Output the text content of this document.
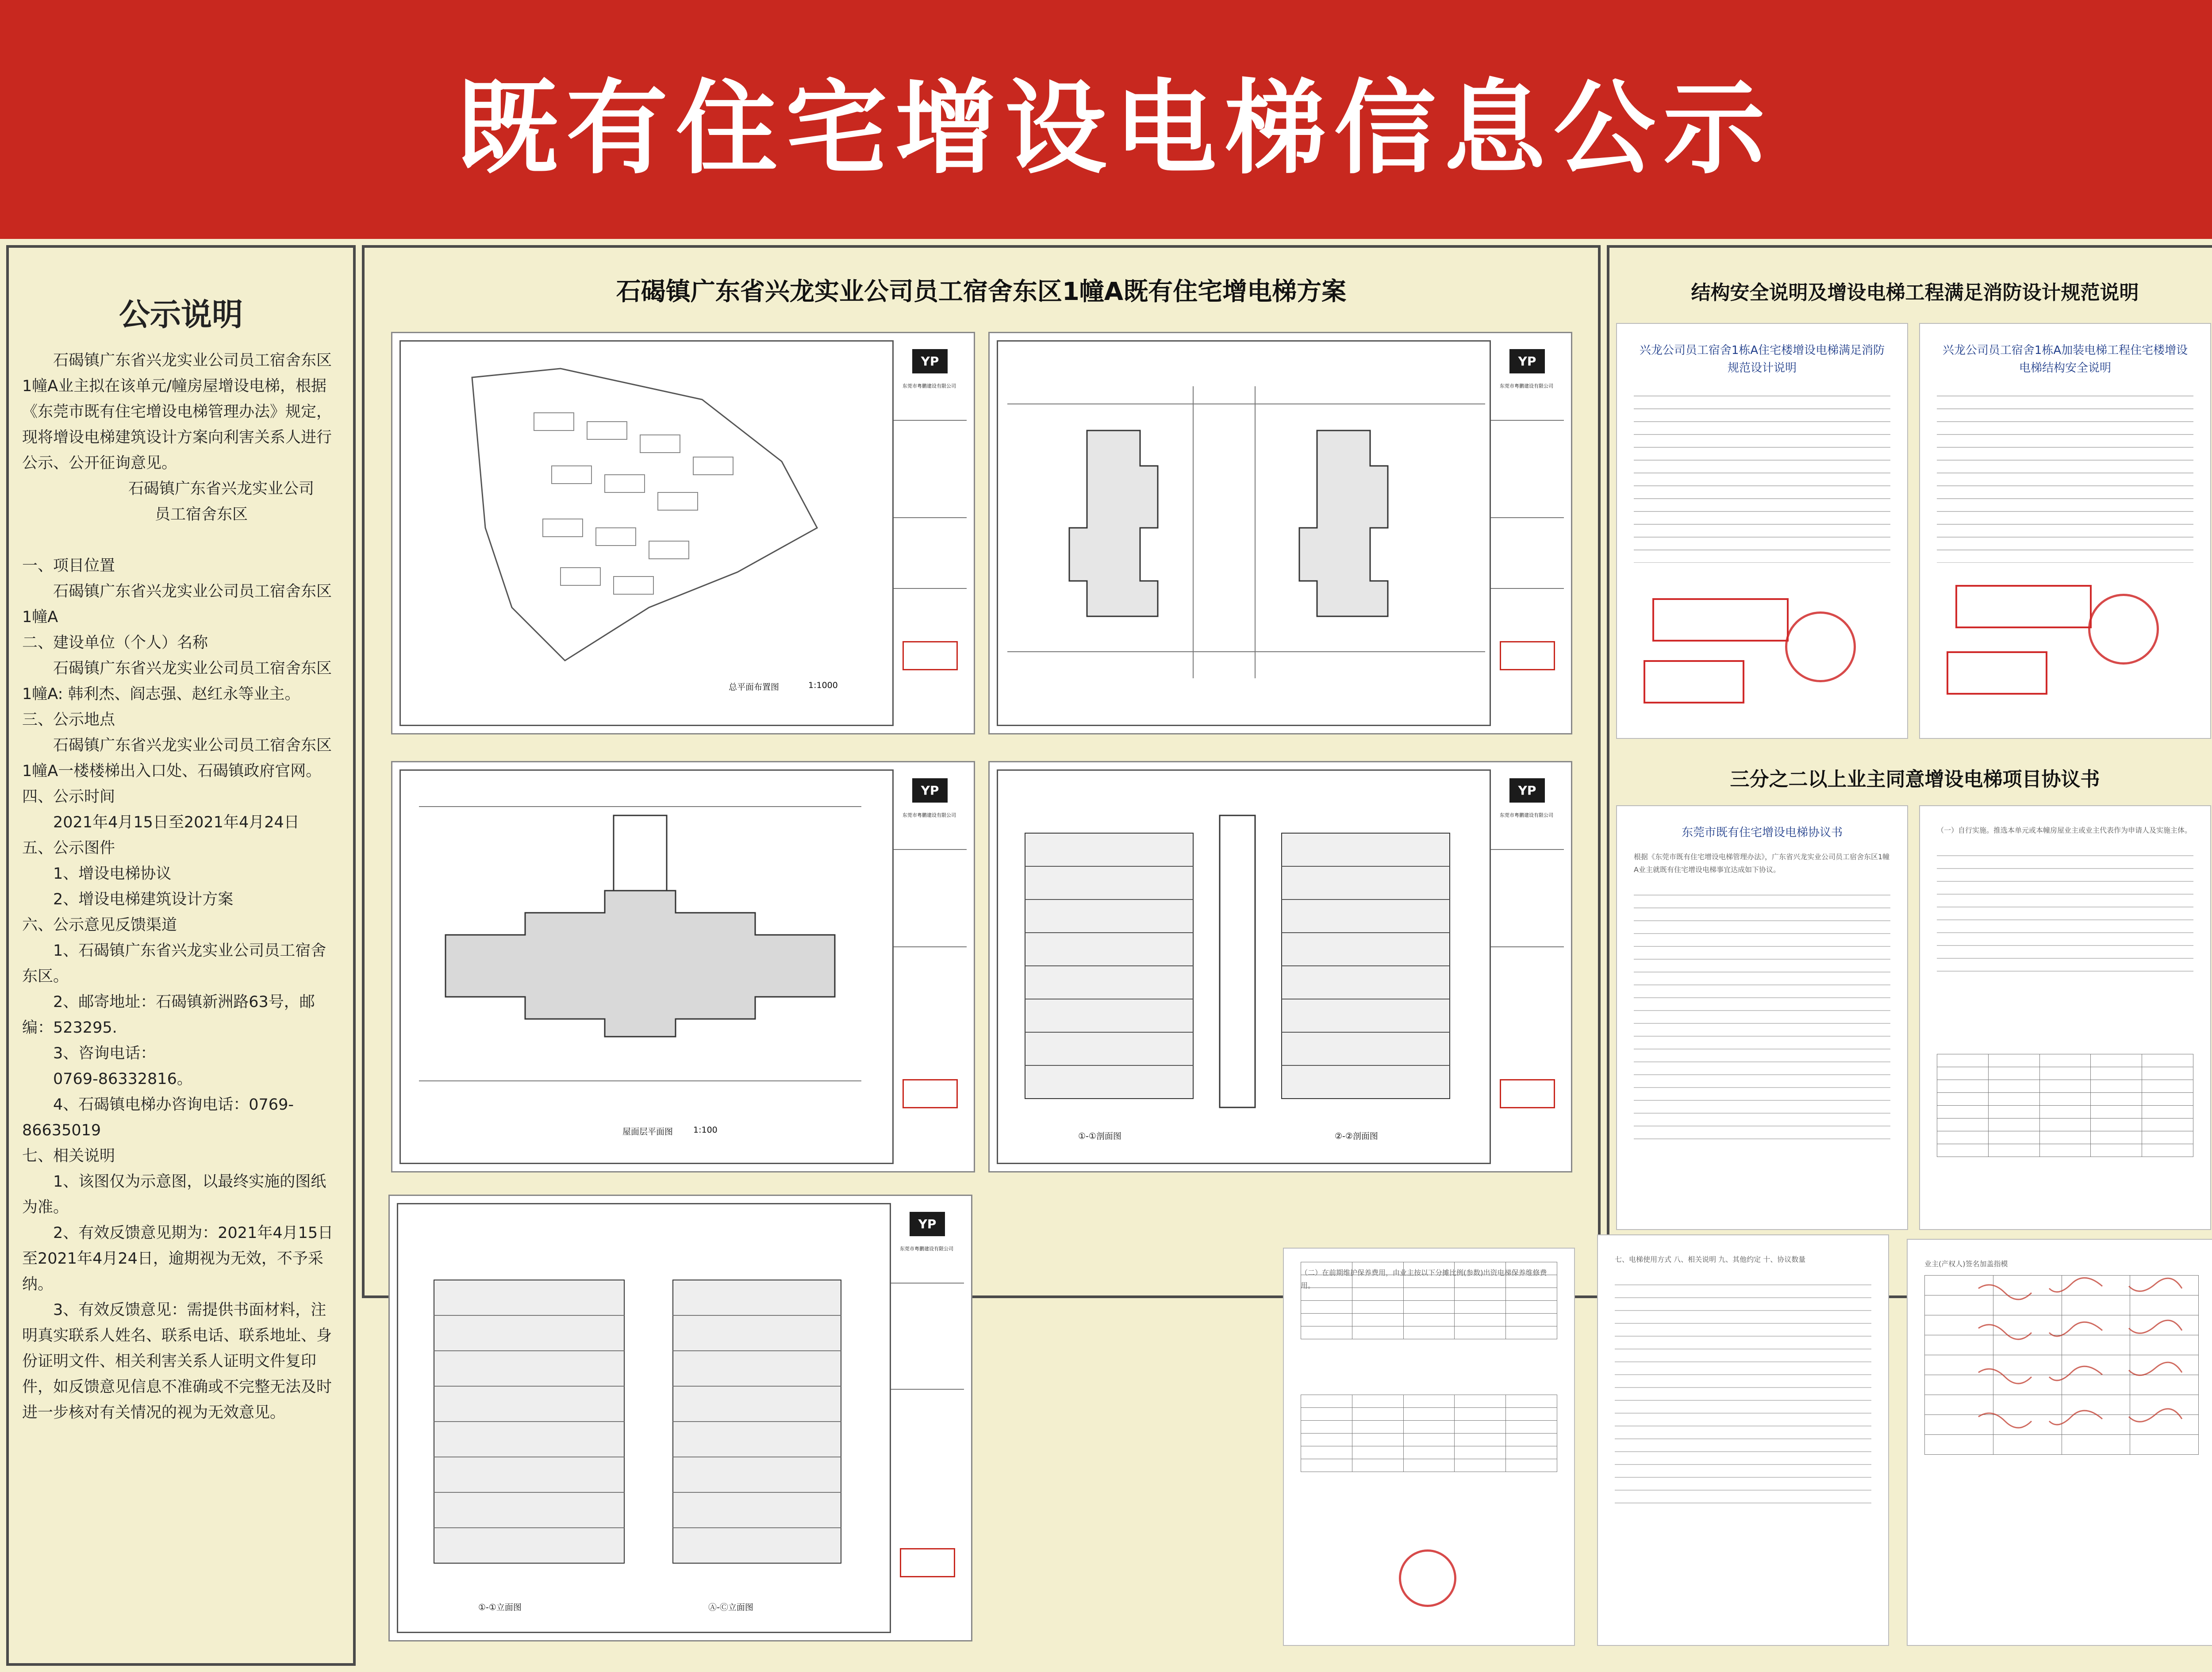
既有住宅增设电梯信息公示
公示说明

石碣镇广东省兴龙实业公司员工宿舍东区1幢A业主拟在该单元/幢房屋增设电梯，根据《东莞市既有住宅增设电梯管理办法》规定，现将增设电梯建筑设计方案向利害关系人进行公示、公开征询意见。

石碣镇广东省兴龙实业公司

员工宿舍东区

一、项目位置

石碣镇广东省兴龙实业公司员工宿舍东区1幢A

二、建设单位（个人）名称

石碣镇广东省兴龙实业公司员工宿舍东区1幢A: 韩利杰、阎志强、赵红永等业主。

三、公示地点

石碣镇广东省兴龙实业公司员工宿舍东区1幢A一楼楼梯出入口处、石碣镇政府官网。

四、公示时间

2021年4月15日至2021年4月24日

五、公示图件

1、增设电梯协议

2、增设电梯建筑设计方案

六、公示意见反馈渠道

1、石碣镇广东省兴龙实业公司员工宿舍东区。

2、邮寄地址：石碣镇新洲路63号，邮编：523295.

3、咨询电话：

0769-86332816。

4、石碣镇电梯办咨询电话：0769-86635019

七、相关说明

1、该图仅为示意图，以最终实施的图纸为准。

2、有效反馈意见期为：2021年4月15日至2021年4月24日，逾期视为无效，不予采纳。

3、有效反馈意见：需提供书面材料，注明真实联系人姓名、联系电话、联系地址、身份证明文件、相关利害关系人证明文件复印件，如反馈意见信息不准确或不完整无法及时进一步核对有关情况的视为无效意见。

石碣镇广东省兴龙实业公司员工宿舍东区1幢A既有住宅增电梯方案
总平面布置图	1:1000
YP
东莞市粤鹏建设有限公司
YP
东莞市粤鹏建设有限公司
屋面层平面图 1:100
YP
东莞市粤鹏建设有限公司
①-①剖面图	②-②剖面图
YP
东莞市粤鹏建设有限公司
①-①立面图	Ⓐ-Ⓒ立面图
YP
东莞市粤鹏建设有限公司
结构安全说明及增设电梯工程满足消防设计规范说明
兴龙公司员工宿舍1栋A住宅楼增设电梯满足消防规范设计说明
兴龙公司员工宿舍1栋A加装电梯工程住宅楼增设电梯结构安全说明
三分之二以上业主同意增设电梯项目协议书
东莞市既有住宅增设电梯协议书
根据《东莞市既有住宅增设电梯管理办法》，广东省兴龙实业公司员工宿舍东区1幢A业主就既有住宅增设电梯事宜达成如下协议。
（一）自行实施。推选本单元或本幢房屋业主或业主代表作为申请人及实施主体。

（二）在前期维护保养费用，由业主按以下分摊比例(参数)出资电梯保养维修费用。

七、电梯使用方式 八、相关说明 九、其他约定 十、协议数量
业主(产权人)签名加盖指模
